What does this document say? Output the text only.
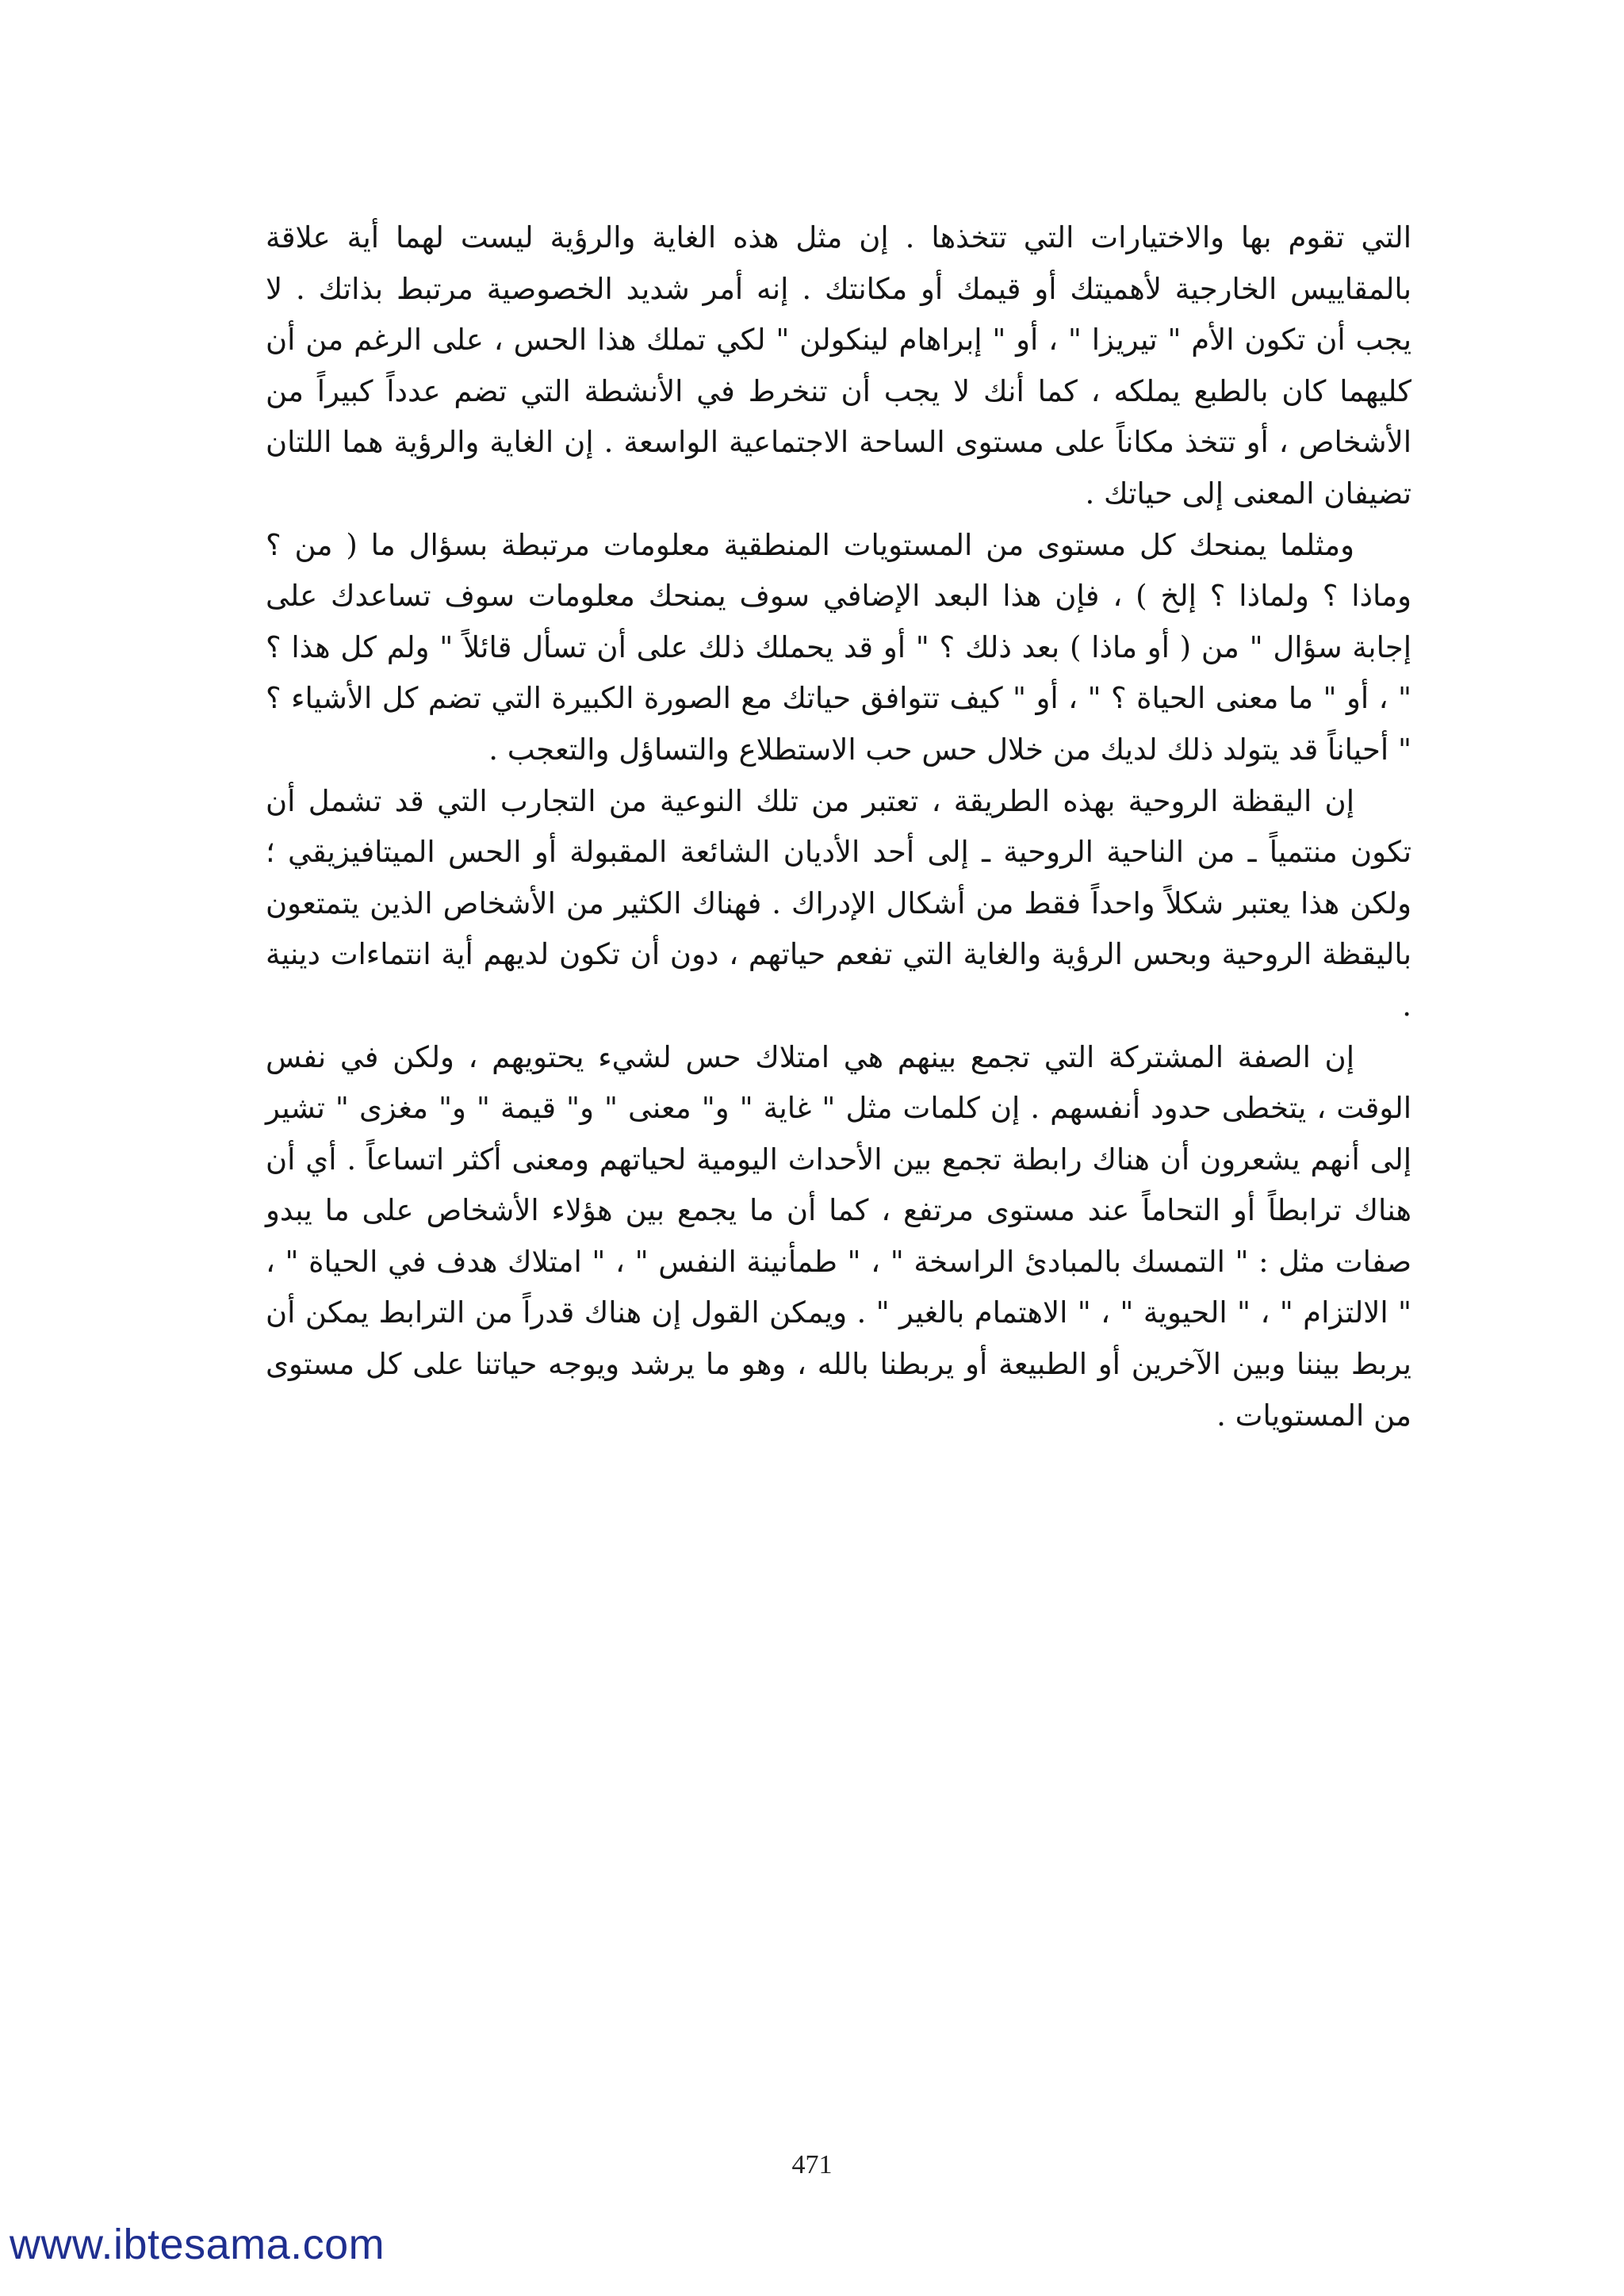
التي تقوم بها والاختيارات التي تتخذها . إن مثل هذه الغاية والرؤية ليست لهما أية علاقة بالمقاييس الخارجية لأهميتك أو قيمك أو مكانتك . إنه أمر شديد الخصوصية مرتبط بذاتك . لا يجب أن تكون الأم " تيريزا " ، أو " إبراهام لينكولن " لكي تملك هذا الحس ، على الرغم من أن كليهما كان بالطبع يملكه ، كما أنك لا يجب أن تنخرط في الأنشطة التي تضم عدداً كبيراً من الأشخاص ، أو تتخذ مكاناً على مستوى الساحة الاجتماعية الواسعة . إن الغاية والرؤية هما اللتان تضيفان المعنى إلى حياتك .

ومثلما يمنحك كل مستوى من المستويات المنطقية معلومات مرتبطة بسؤال ما ( من ؟ وماذا ؟ ولماذا ؟ إلخ ) ، فإن هذا البعد الإضافي سوف يمنحك معلومات سوف تساعدك على إجابة سؤال " من ( أو ماذا ) بعد ذلك ؟ " أو قد يحملك ذلك على أن تسأل قائلاً " ولم كل هذا ؟ " ، أو " ما معنى الحياة ؟ " ، أو " كيف تتوافق حياتك مع الصورة الكبيرة التي تضم كل الأشياء ؟ " أحياناً قد يتولد ذلك لديك من خلال حس حب الاستطلاع والتساؤل والتعجب .

إن اليقظة الروحية بهذه الطريقة ، تعتبر من تلك النوعية من التجارب التي قد تشمل أن تكون منتمياً ـ من الناحية الروحية ـ إلى أحد الأديان الشائعة المقبولة أو الحس الميتافيزيقي ؛ ولكن هذا يعتبر شكلاً واحداً فقط من أشكال الإدراك . فهناك الكثير من الأشخاص الذين يتمتعون باليقظة الروحية وبحس الرؤية والغاية التي تفعم حياتهم ، دون أن تكون لديهم أية انتماءات دينية .

إن الصفة المشتركة التي تجمع بينهم هي امتلاك حس لشيء يحتويهم ، ولكن في نفس الوقت ، يتخطى حدود أنفسهم . إن كلمات مثل " غاية " و" معنى " و" قيمة " و" مغزى " تشير إلى أنهم يشعرون أن هناك رابطة تجمع بين الأحداث اليومية لحياتهم ومعنى أكثر اتساعاً . أي أن هناك ترابطاً أو التحاماً عند مستوى مرتفع ، كما أن ما يجمع بين هؤلاء الأشخاص على ما يبدو صفات مثل : " التمسك بالمبادئ الراسخة " ، " طمأنينة النفس " ، " امتلاك هدف في الحياة " ، " الالتزام " ، " الحيوية " ، " الاهتمام بالغير " . ويمكن القول إن هناك قدراً من الترابط يمكن أن يربط بيننا وبين الآخرين أو الطبيعة أو يربطنا بالله ، وهو ما يرشد ويوجه حياتنا على كل مستوى من المستويات .

471
www.ibtesama.com
